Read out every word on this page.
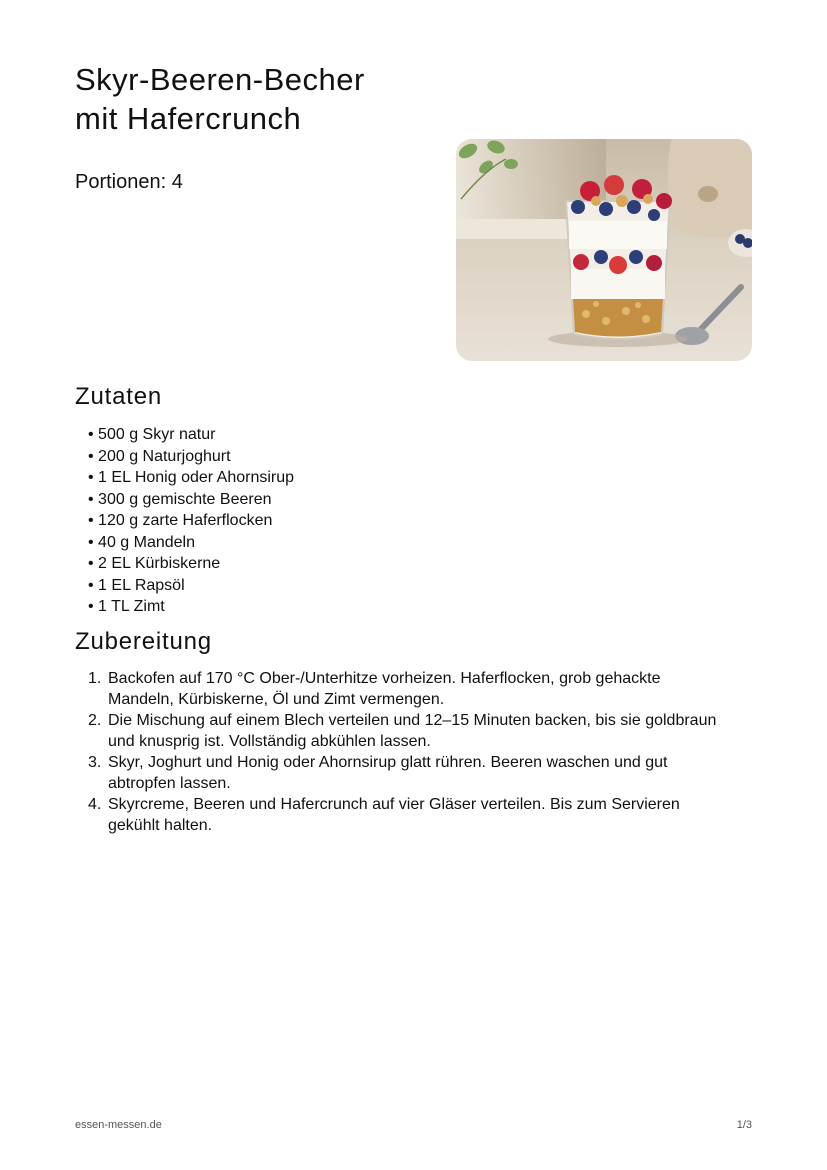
Skyr-Beeren-Becher
mit Hafercrunch
Portionen: 4
Zutaten
• 500 g Skyr natur
• 200 g Naturjoghurt
• 1 EL Honig oder Ahornsirup
• 300 g gemischte Beeren
• 120 g zarte Haferflocken
• 40 g Mandeln
• 2 EL Kürbiskerne
• 1 EL Rapsöl
• 1 TL Zimt
Zubereitung
1. Backofen auf 170 °C Ober-/Unterhitze vorheizen. Haferflocken, grob gehackte Mandeln, Kürbiskerne, Öl und Zimt vermengen.
2. Die Mischung auf einem Blech verteilen und 12–15 Minuten backen, bis sie goldbraun und knusprig ist. Vollständig abkühlen lassen.
3. Skyr, Joghurt und Honig oder Ahornsirup glatt rühren. Beeren waschen und gut abtropfen lassen.
4. Skyrcreme, Beeren und Hafercrunch auf vier Gläser verteilen. Bis zum Servieren gekühlt halten.
essen-messen.de	1/3
